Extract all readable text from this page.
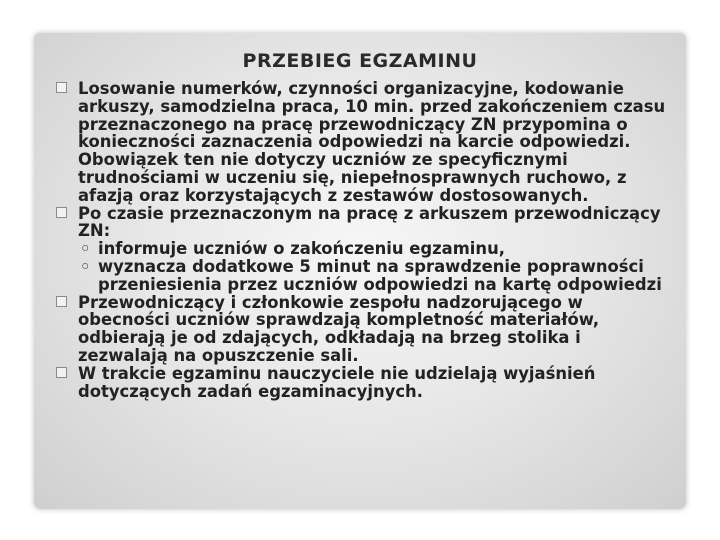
PRZEBIEG EGZAMINU
Losowanie numerków, czynności organizacyjne, kodowanie arkuszy, samodzielna praca, 10 min. przed zakończeniem czasu przeznaczonego na pracę przewodniczący ZN przypomina o konieczności zaznaczenia odpowiedzi na karcie odpowiedzi. Obowiązek ten nie dotyczy uczniów ze specyficznymi trudnościami w uczeniu się, niepełnosprawnych ruchowo, z afazją oraz korzystających z zestawów dostosowanych.
Po czasie przeznaczonym na pracę z arkuszem przewodniczący ZN:
◦ informuje uczniów o zakończeniu egzaminu,
◦ wyznacza dodatkowe 5 minut na sprawdzenie poprawności przeniesienia przez uczniów odpowiedzi na kartę odpowiedzi
Przewodniczący i członkowie zespołu nadzorującego w obecności uczniów sprawdzają kompletność materiałów, odbierają je od zdających, odkładają na brzeg stolika i zezwalają na opuszczenie sali.
W trakcie egzaminu nauczyciele nie udzielają wyjaśnień dotyczących zadań egzaminacyjnych.
